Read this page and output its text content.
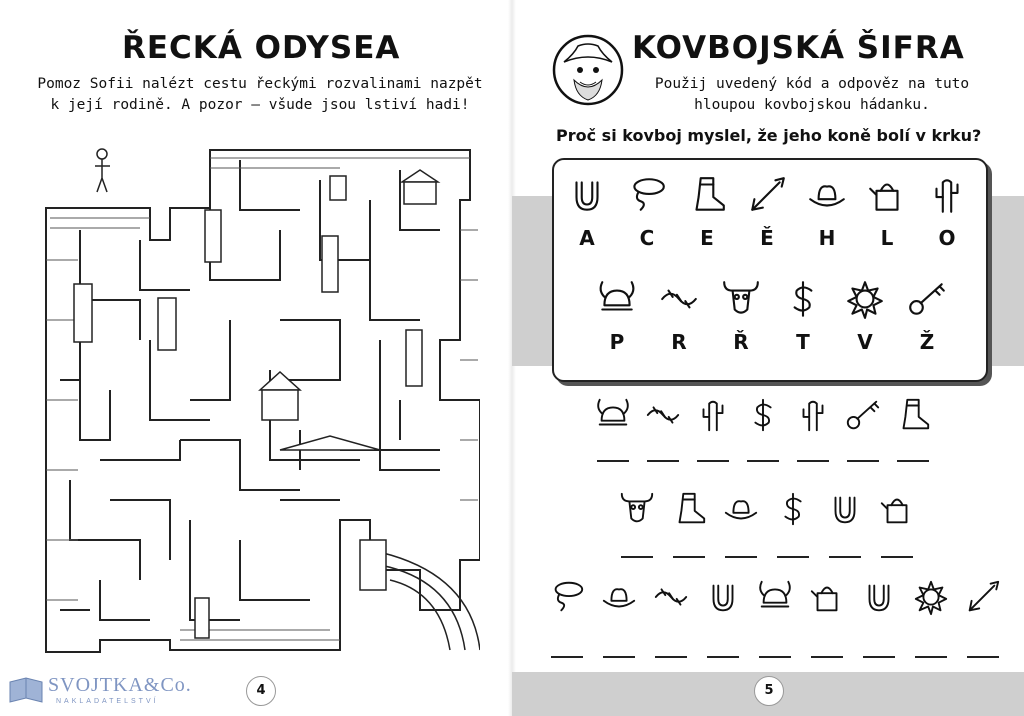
ŘECKÁ ODYSEA
Pomoz Sofii nalézt cestu řeckými rozvalinami nazpět
k její rodině. A pozor – všude jsou lstiví hadi!
4
SVOJTKA&Co.
NAKLADATELSTVÍ
KOVBOJSKÁ ŠIFRA
Použij uvedený kód a odpověz na tuto
hloupou kovbojskou hádanku.
Proč si kovboj myslel, že jeho koně bolí v krku?
A	C	E	Ě	H	L	O
P	R	Ř	T	V	Ž
5
